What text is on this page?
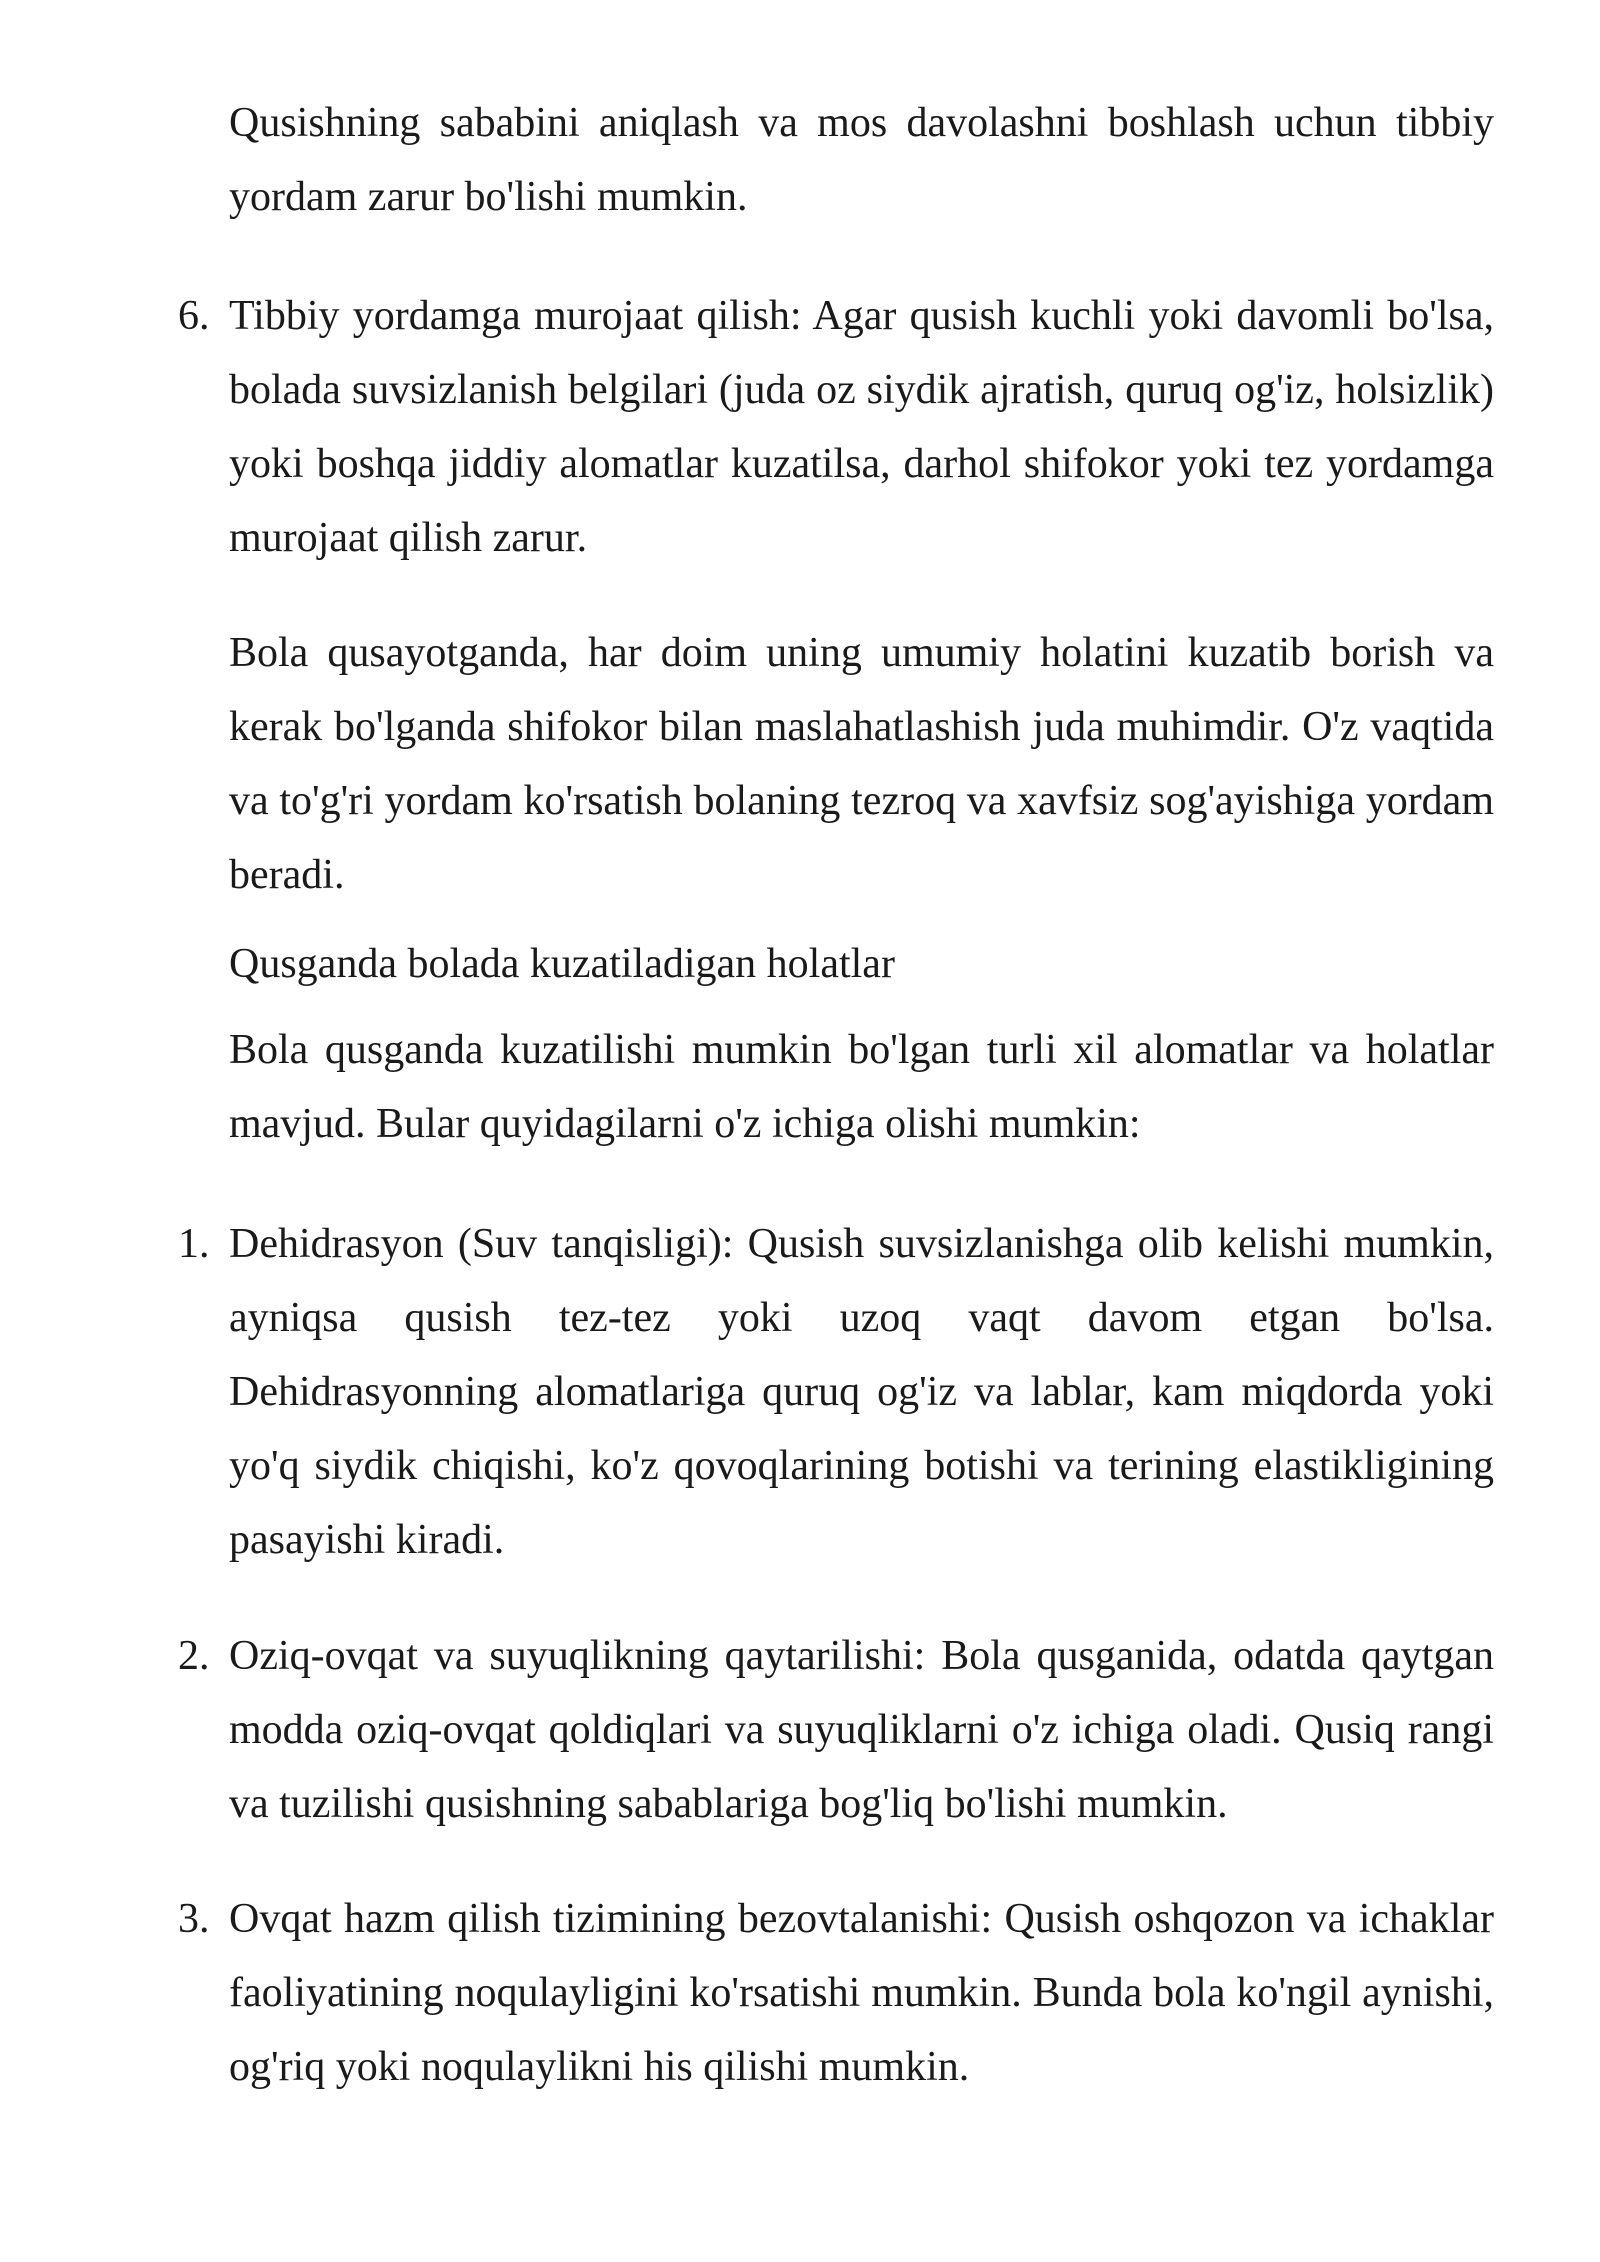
Qusishning sababini aniqlash va mos davolashni boshlash uchun tibbiy yordam zarur bo'lishi mumkin.

6. Tibbiy yordamga murojaat qilish: Agar qusish kuchli yoki davomli bo'lsa, bolada suvsizlanish belgilari (juda oz siydik ajratish, quruq og'iz, holsizlik) yoki boshqa jiddiy alomatlar kuzatilsa, darhol shifokor yoki tez yordamga murojaat qilish zarur.

Bola qusayotganda, har doim uning umumiy holatini kuzatib borish va kerak bo'lganda shifokor bilan maslahatlashish juda muhimdir. O'z vaqtida va to'g'ri yordam ko'rsatish bolaning tezroq va xavfsiz sog'ayishiga yordam beradi.

Qusganda bolada kuzatiladigan holatlar

Bola qusganda kuzatilishi mumkin bo'lgan turli xil alomatlar va holatlar mavjud. Bular quyidagilarni o'z ichiga olishi mumkin:

1. Dehidrasyon (Suv tanqisligi): Qusish suvsizlanishga olib kelishi mumkin, ayniqsa qusish tez-tez yoki uzoq vaqt davom etgan bo'lsa. Dehidrasyonning alomatlariga quruq og'iz va lablar, kam miqdorda yoki yo'q siydik chiqishi, ko'z qovoqlarining botishi va terining elastikligining pasayishi kiradi.
2. Oziq-ovqat va suyuqlikning qaytarilishi: Bola qusganida, odatda qaytgan modda oziq-ovqat qoldiqlari va suyuqliklarni o'z ichiga oladi. Qusiq rangi va tuzilishi qusishning sabablariga bog'liq bo'lishi mumkin.
3. Ovqat hazm qilish tizimining bezovtalanishi: Qusish oshqozon va ichaklar faoliyatining noqulayligini ko'rsatishi mumkin. Bunda bola ko'ngil aynishi, og'riq yoki noqulaylikni his qilishi mumkin.
